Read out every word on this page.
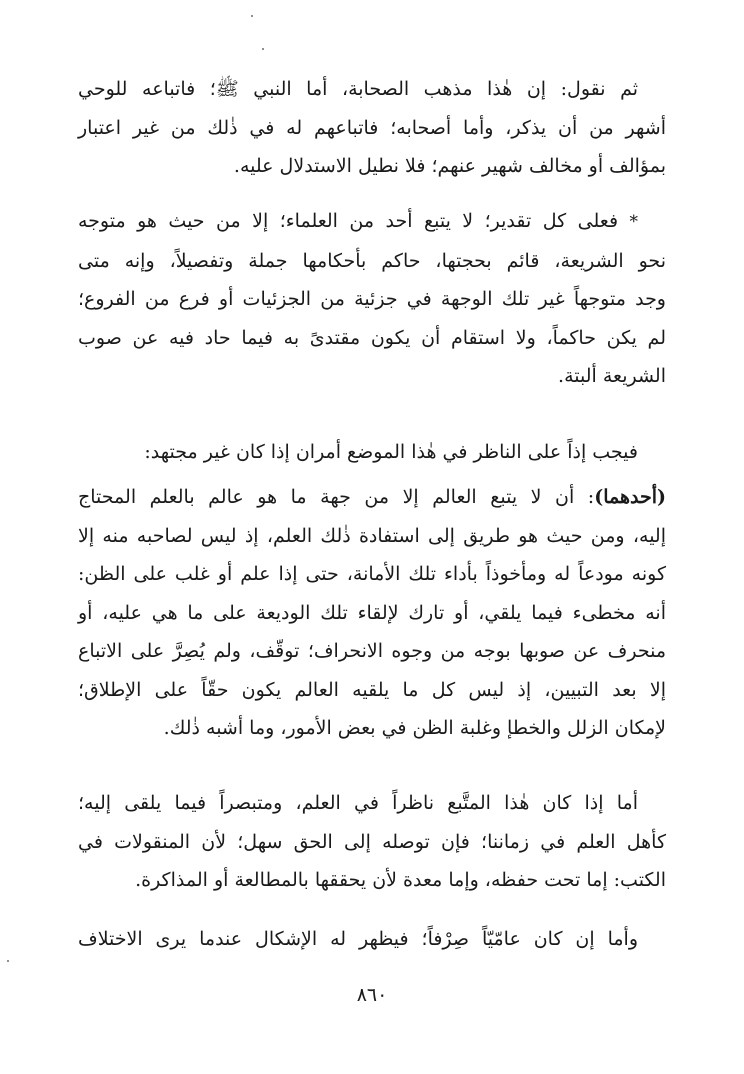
ثم نقول: إن هٰذا مذهب الصحابة، أما النبي ﷺ؛ فاتباعه للوحي
أشهر من أن يذكر، وأما أصحابه؛ فاتباعهم له في ذٰلك من غير اعتبار
بمؤالف أو مخالف شهير عنهم؛ فلا نطيل الاستدلال عليه.
* فعلى كل تقدير؛ لا يتبع أحد من العلماء؛ إلا من حيث هو متوجه
نحو الشريعة، قائم بحجتها، حاكم بأحكامها جملة وتفصيلاً، وإنه متى
وجد متوجهاً غير تلك الوجهة في جزئية من الجزئيات أو فرع من الفروع؛
لم يكن حاكماً، ولا استقام أن يكون مقتدىً به فيما حاد فيه عن صوب
الشريعة ألبتة.
فيجب إذاً على الناظر في هٰذا الموضع أمران إذا كان غير مجتهد:
(أحدهما): أن لا يتبع العالم إلا من جهة ما هو عالم بالعلم المحتاج
إليه، ومن حيث هو طريق إلى استفادة ذٰلك العلم، إذ ليس لصاحبه منه إلا
كونه مودعاً له ومأخوذاً بأداء تلك الأمانة، حتى إذا علم أو غلب على الظن:
أنه مخطىء فيما يلقي، أو تارك لإلقاء تلك الوديعة على ما هي عليه، أو
منحرف عن صوبها بوجه من وجوه الانحراف؛ توقّف، ولم يُصِرَّ على الاتباع
إلا بعد التبيين، إذ ليس كل ما يلقيه العالم يكون حقّاً على الإطلاق؛
لإمكان الزلل والخطإ وغلبة الظن في بعض الأمور، وما أشبه ذٰلك.
أما إذا كان هٰذا المتَّبع ناظراً في العلم، ومتبصراً فيما يلقى إليه؛
كأهل العلم في زماننا؛ فإن توصله إلى الحق سهل؛ لأن المنقولات في
الكتب: إما تحت حفظه، وإما معدة لأن يحققها بالمطالعة أو المذاكرة.
وأما إن كان عامّيّاً صِرْفاً؛ فيظهر له الإشكال عندما يرى الاختلاف
٨٦٠
